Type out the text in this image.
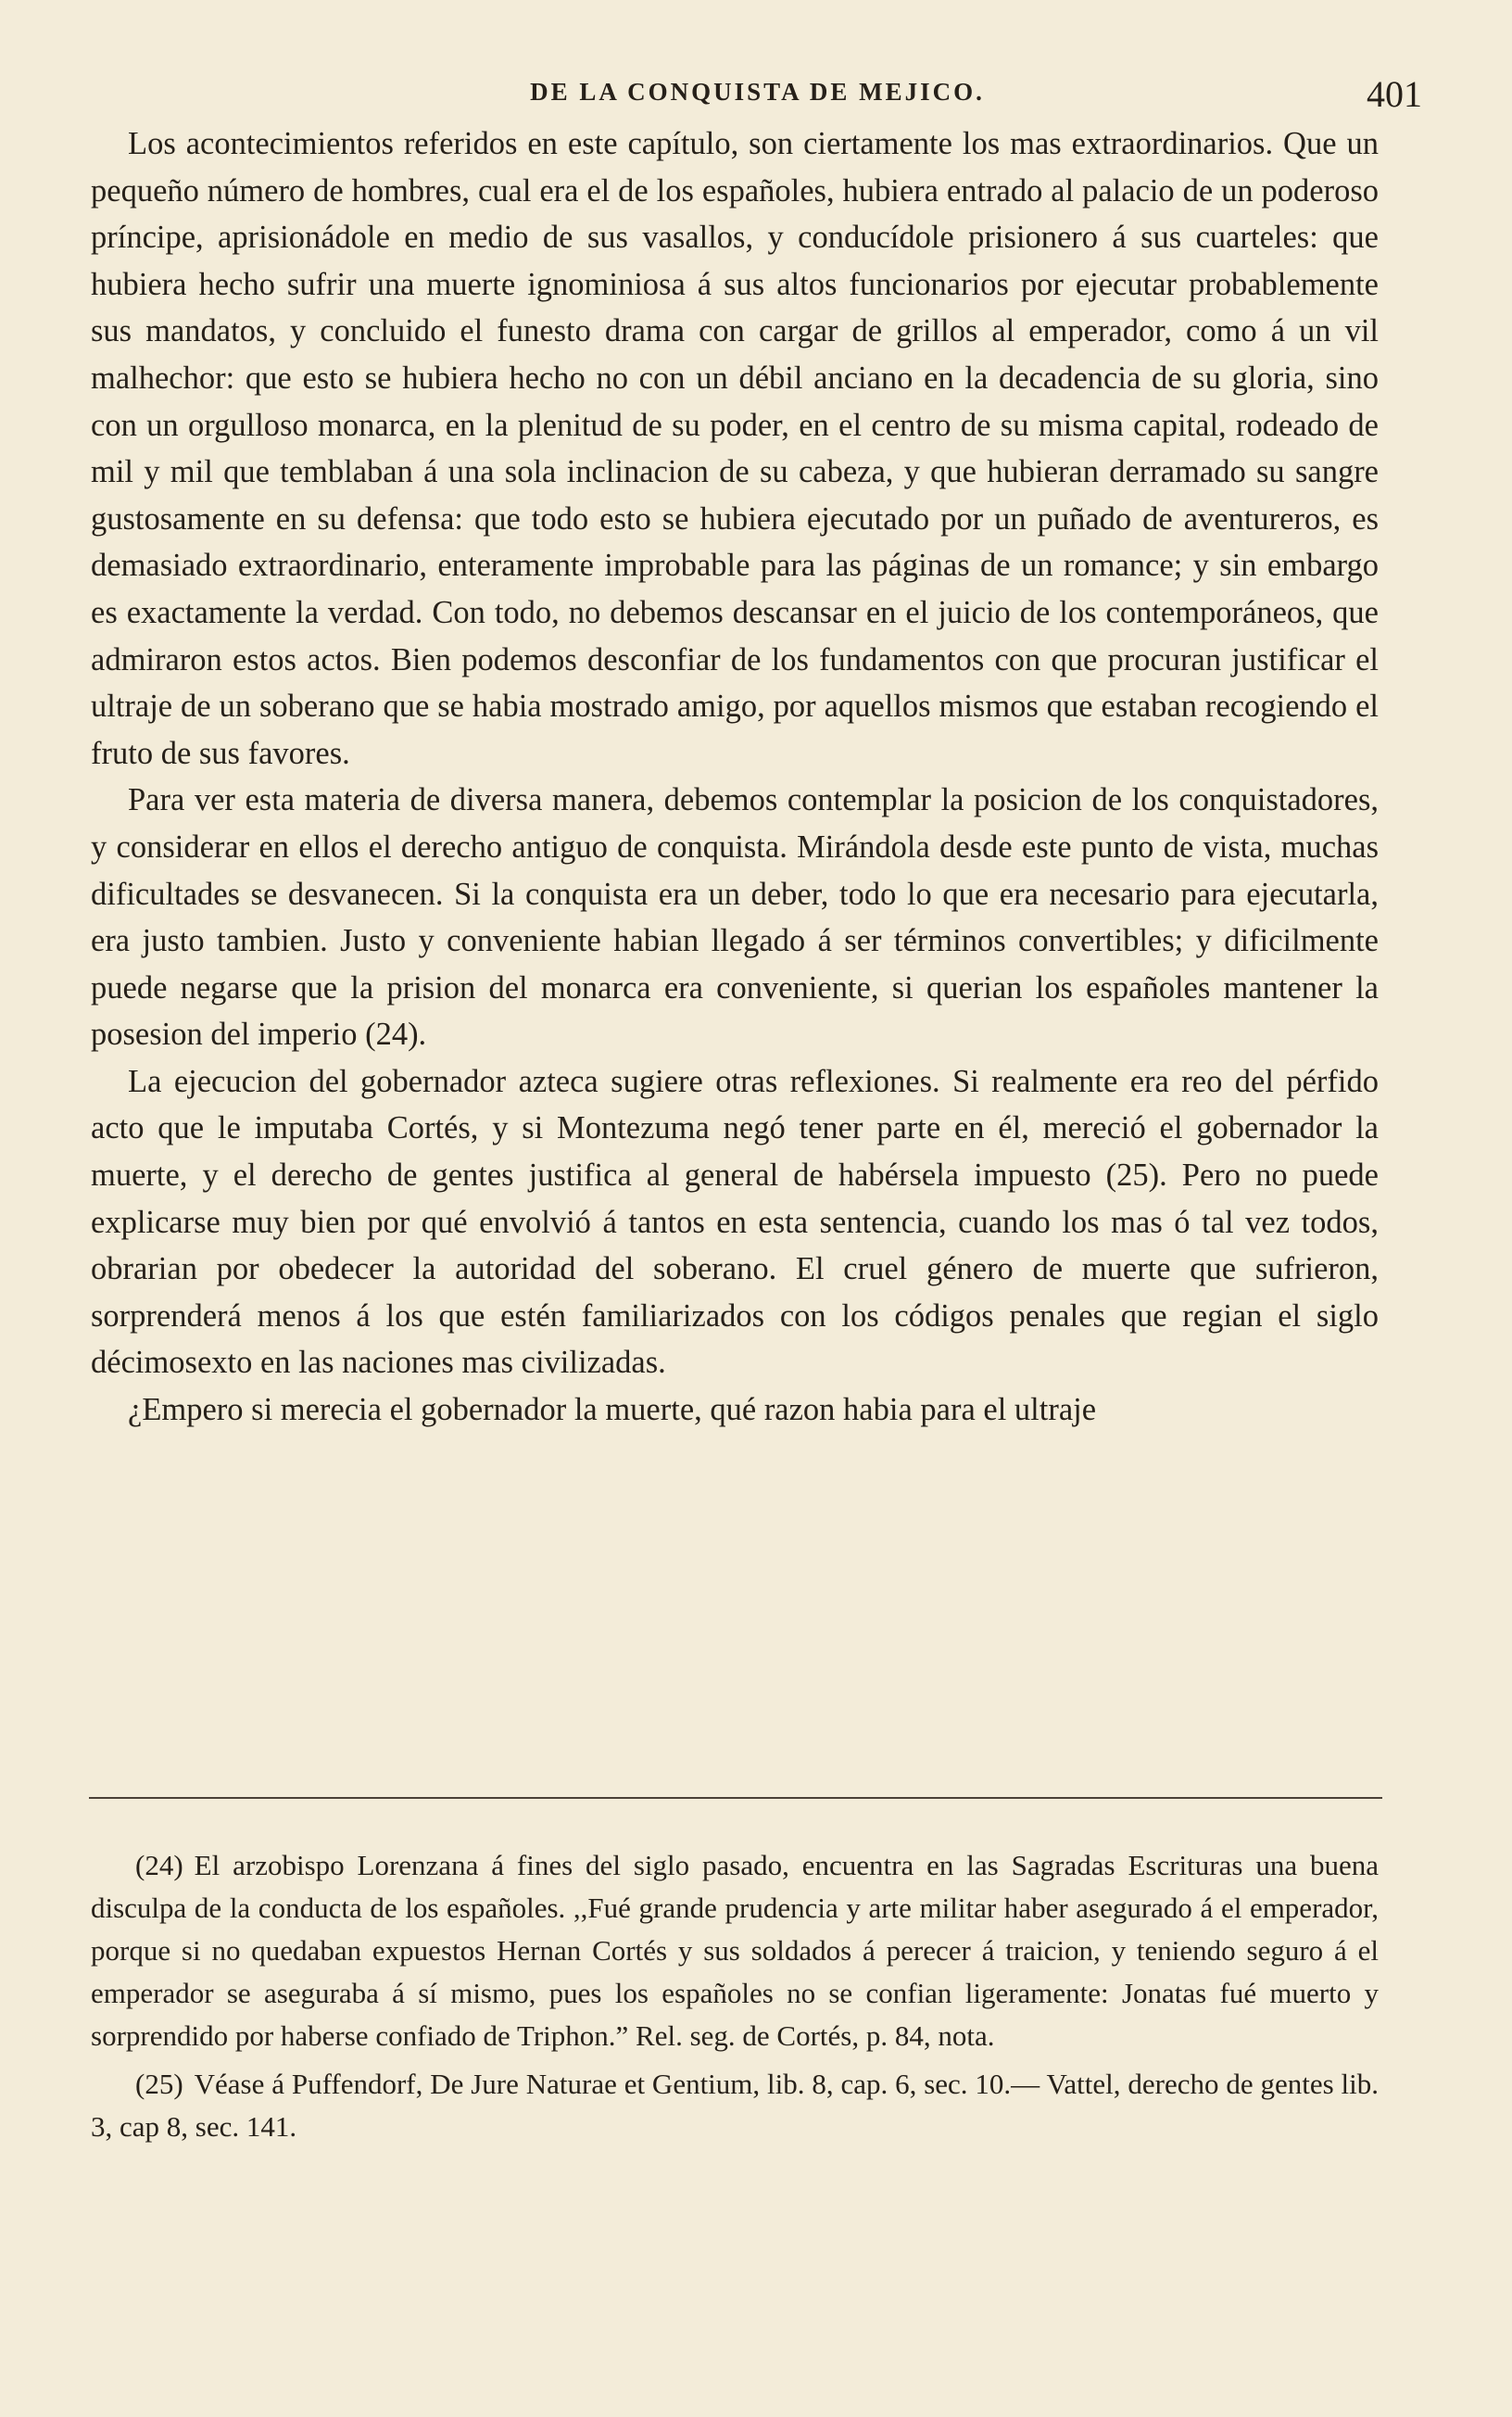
DE LA CONQUISTA DE MEJICO.	401

Los acontecimientos referidos en este capítulo, son ciertamente los mas extraordinarios. Que un pequeño número de hombres, cual era el de los españoles, hubiera entrado al palacio de un poderoso príncipe, aprisionádole en medio de sus vasallos, y conducídole prisionero á sus cuarteles: que hubiera hecho sufrir una muerte ignominiosa á sus altos funcionarios por ejecutar probablemente sus mandatos, y concluido el funesto drama con cargar de grillos al emperador, como á un vil malhechor: que esto se hubiera hecho no con un débil anciano en la decadencia de su gloria, sino con un orgulloso monarca, en la plenitud de su poder, en el centro de su misma capital, rodeado de mil y mil que temblaban á una sola inclinacion de su cabeza, y que hubieran derramado su sangre gustosamente en su defensa: que todo esto se hubiera ejecutado por un puñado de aventureros, es demasiado extraordinario, enteramente improbable para las páginas de un romance; y sin embargo es exactamente la verdad. Con todo, no debemos descansar en el juicio de los contemporáneos, que admiraron estos actos. Bien podemos desconfiar de los fundamentos con que procuran justificar el ultraje de un soberano que se habia mostrado amigo, por aquellos mismos que estaban recogiendo el fruto de sus favores.

Para ver esta materia de diversa manera, debemos contemplar la posicion de los conquistadores, y considerar en ellos el derecho antiguo de conquista. Mirándola desde este punto de vista, muchas dificultades se desvanecen. Si la conquista era un deber, todo lo que era necesario para ejecutarla, era justo tambien. Justo y conveniente habian llegado á ser términos convertibles; y dificilmente puede negarse que la prision del monarca era conveniente, si querian los españoles mantener la posesion del imperio (24).

La ejecucion del gobernador azteca sugiere otras reflexiones. Si realmente era reo del pérfido acto que le imputaba Cortés, y si Montezuma negó tener parte en él, mereció el gobernador la muerte, y el derecho de gentes justifica al general de habérsela impuesto (25). Pero no puede explicarse muy bien por qué envolvió á tantos en esta sentencia, cuando los mas ó tal vez todos, obrarian por obedecer la autoridad del soberano. El cruel género de muerte que sufrieron, sorprenderá menos á los que estén familiarizados con los códigos penales que regian el siglo décimosexto en las naciones mas civilizadas.

¿Empero si merecia el gobernador la muerte, qué razon habia para el ultraje

(24) El arzobispo Lorenzana á fines del siglo pasado, encuentra en las Sagradas Escrituras una buena disculpa de la conducta de los españoles. ,,Fué grande prudencia y arte militar haber asegurado á el emperador, porque si no quedaban expuestos Hernan Cortés y sus soldados á perecer á traicion, y teniendo seguro á el emperador se aseguraba á sí mismo, pues los españoles no se confian ligeramente: Jonatas fué muerto y sorprendido por haberse confiado de Triphon.” Rel. seg. de Cortés, p. 84, nota.

(25) Véase á Puffendorf, De Jure Naturae et Gentium, lib. 8, cap. 6, sec. 10.— Vattel, derecho de gentes lib. 3, cap 8, sec. 141.
